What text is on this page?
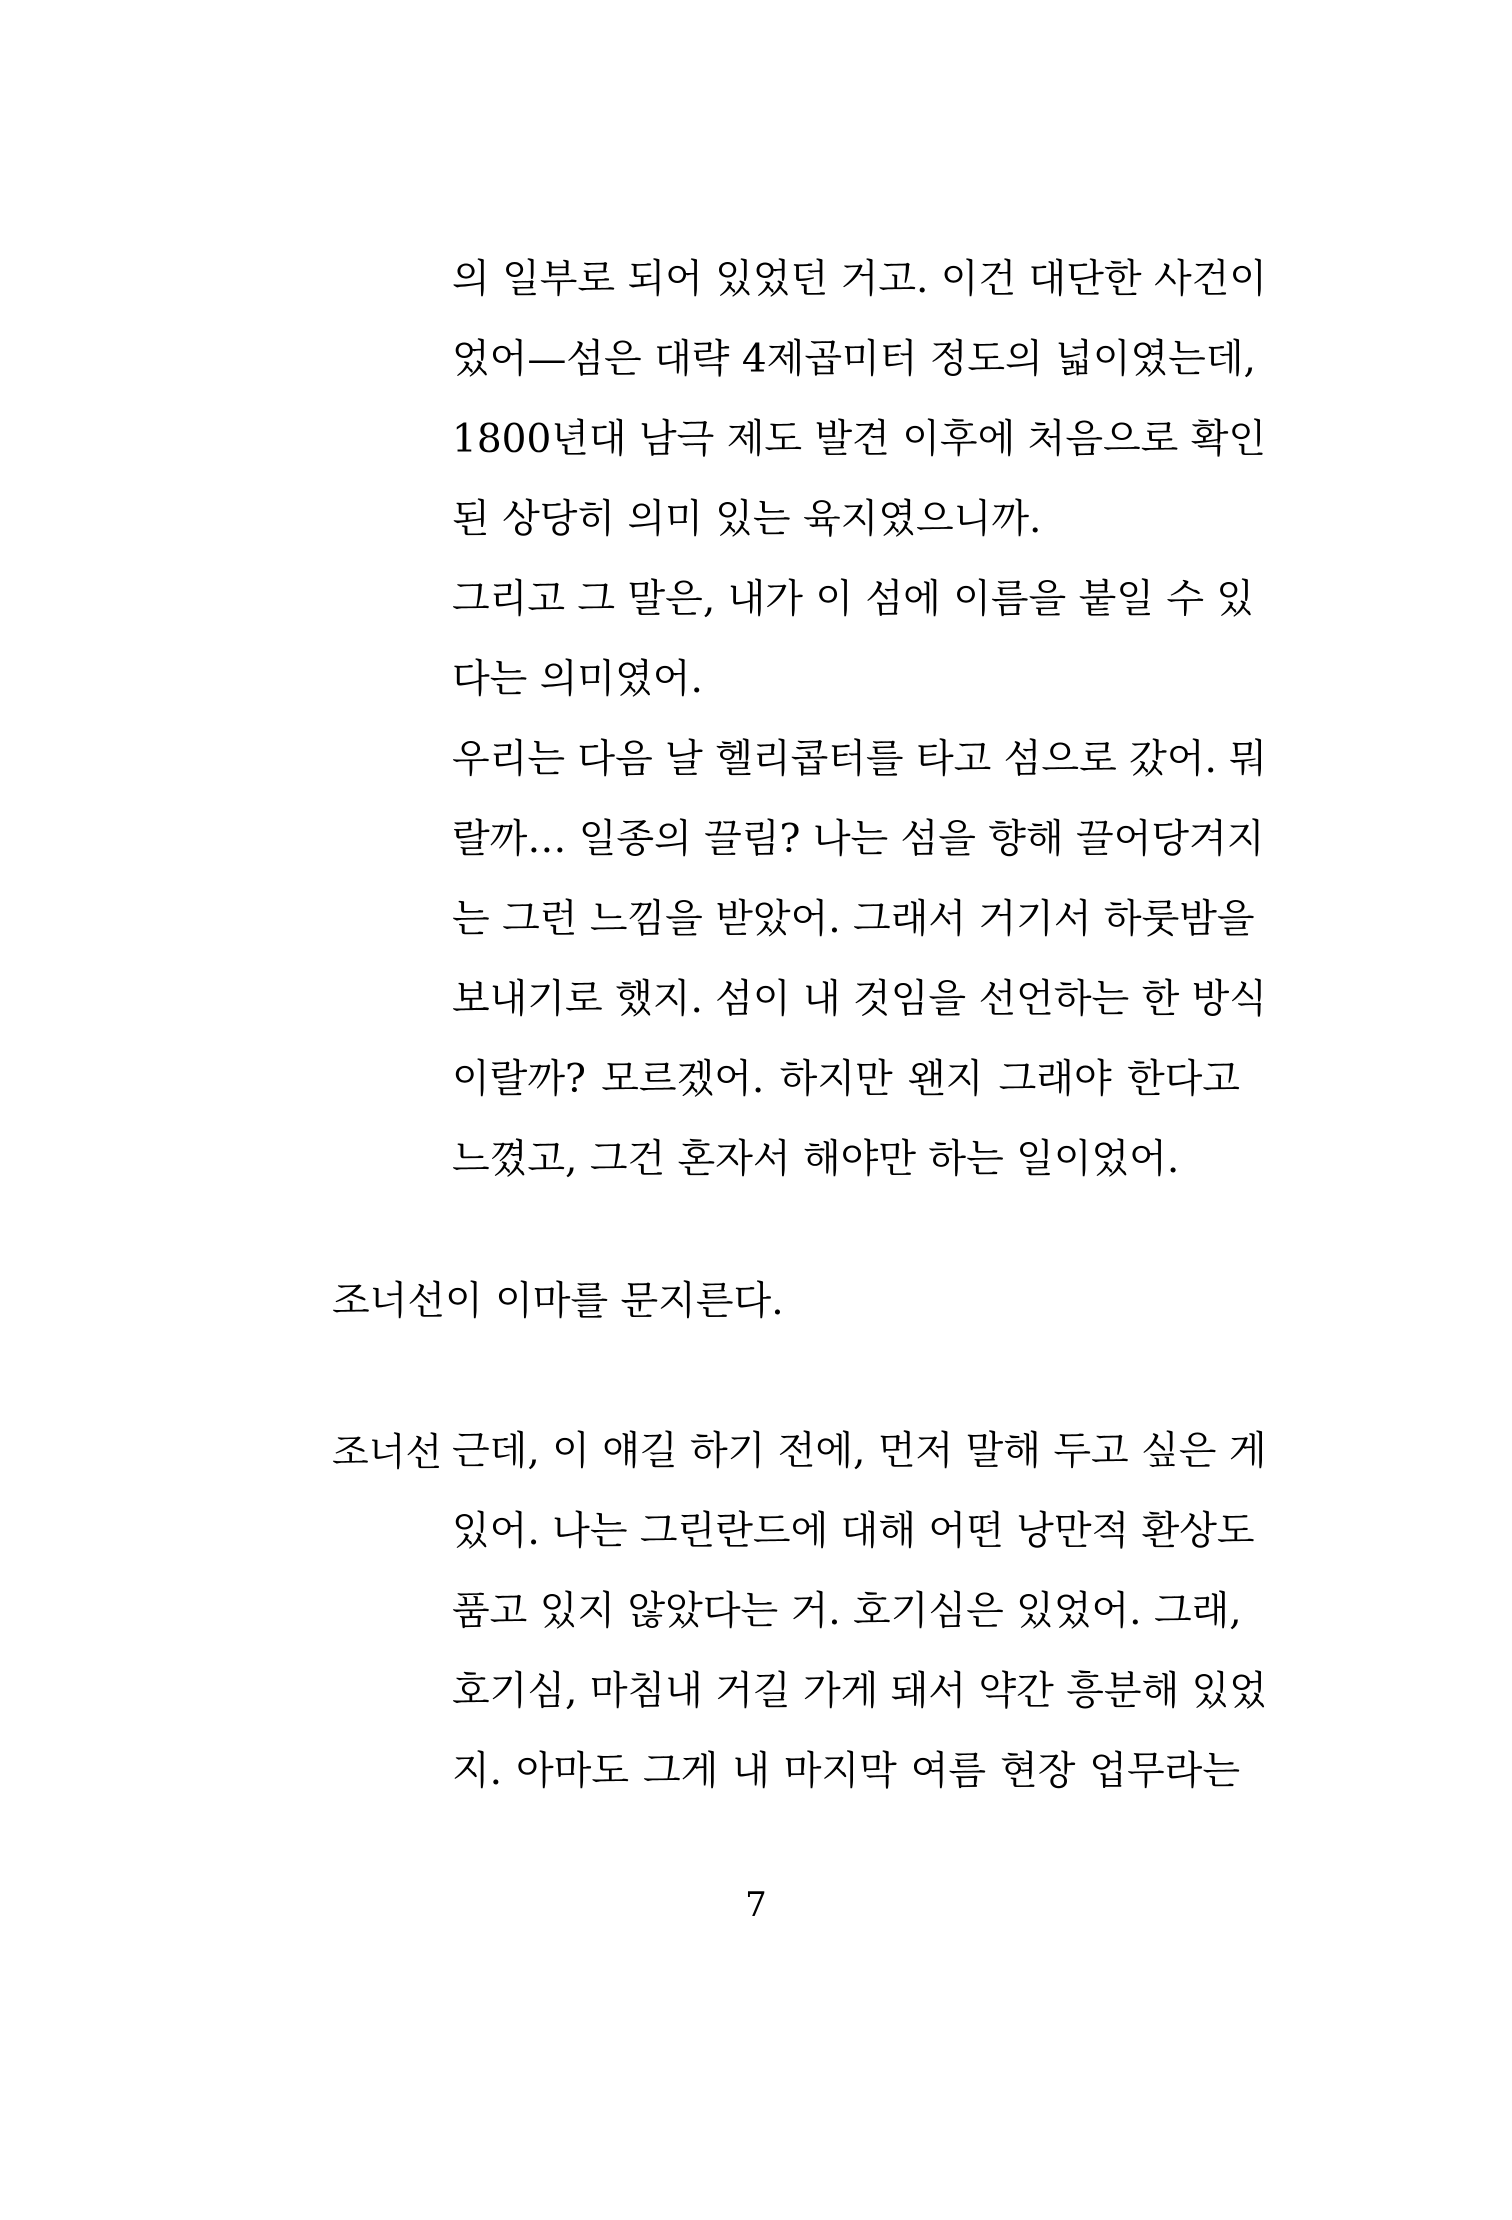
의 일부로 되어 있었던 거고. 이건 대단한 사건이
었어—섬은 대략 4제곱미터 정도의 넓이였는데,
1800년대 남극 제도 발견 이후에 처음으로 확인
된 상당히 의미 있는 육지였으니까.
그리고 그 말은, 내가 이 섬에 이름을 붙일 수 있
다는 의미였어.
우리는 다음 날 헬리콥터를 타고 섬으로 갔어. 뭐
랄까… 일종의 끌림? 나는 섬을 향해 끌어당겨지
는 그런 느낌을 받았어. 그래서 거기서 하룻밤을
보내기로 했지. 섬이 내 것임을 선언하는 한 방식
이랄까? 모르겠어. 하지만 왠지 그래야 한다고
느꼈고, 그건 혼자서 해야만 하는 일이었어.
조너선이 이마를 문지른다.
조너선 근데, 이 얘길 하기 전에, 먼저 말해 두고 싶은 게
있어. 나는 그린란드에 대해 어떤 낭만적 환상도
품고 있지 않았다는 거. 호기심은 있었어. 그래,
호기심, 마침내 거길 가게 돼서 약간 흥분해 있었
지. 아마도 그게 내 마지막 여름 현장 업무라는
7
